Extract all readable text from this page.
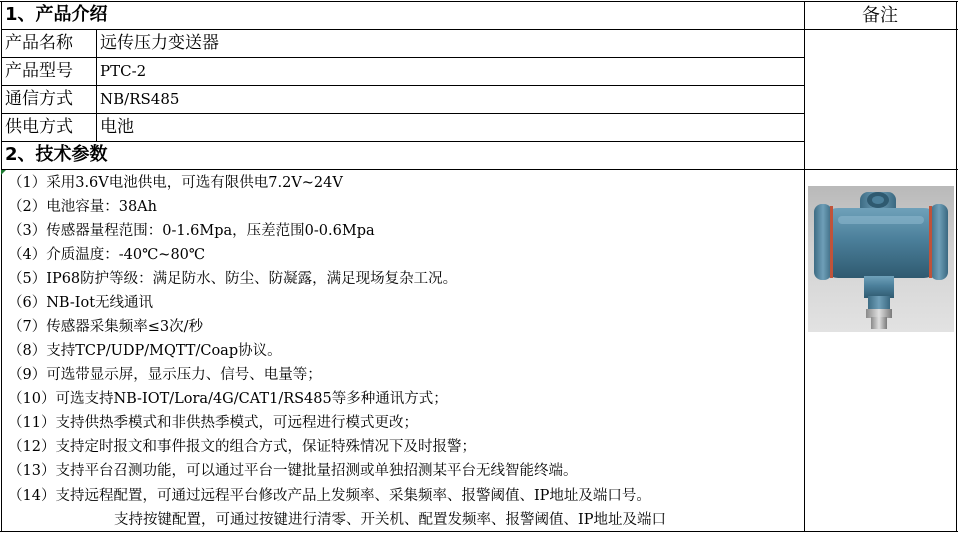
1、产品介绍	备注
产品名称 远传压力变送器
产品型号 PTC-2
通信方式 NB/RS485
供电方式 电池
2、技术参数
（1）采用3.6V电池供电，可选有限供电7.2V~24V
（2）电池容量：38Ah
（3）传感器量程范围：0-1.6Mpa，压差范围0-0.6Mpa
（4）介质温度：-40℃~80℃
（5）IP68防护等级：满足防水、防尘、防凝露，满足现场复杂工况。
（6）NB-Iot无线通讯
（7）传感器采集频率≤3次/秒
（8）支持TCP/UDP/MQTT/Coap协议。
（9）可选带显示屏，显示压力、信号、电量等；
（10）可选支持NB-IOT/Lora/4G/CAT1/RS485等多种通讯方式；
（11）支持供热季模式和非供热季模式，可远程进行模式更改；
（12）支持定时报文和事件报文的组合方式，保证特殊情况下及时报警；
（13）支持平台召测功能，可以通过平台一键批量招测或单独招测某平台无线智能终端。
（14）支持远程配置，可通过远程平台修改产品上发频率、采集频率、报警阈值、IP地址及端口号。
支持按键配置，可通过按键进行清零、开关机、配置发频率、报警阈值、IP地址及端口
